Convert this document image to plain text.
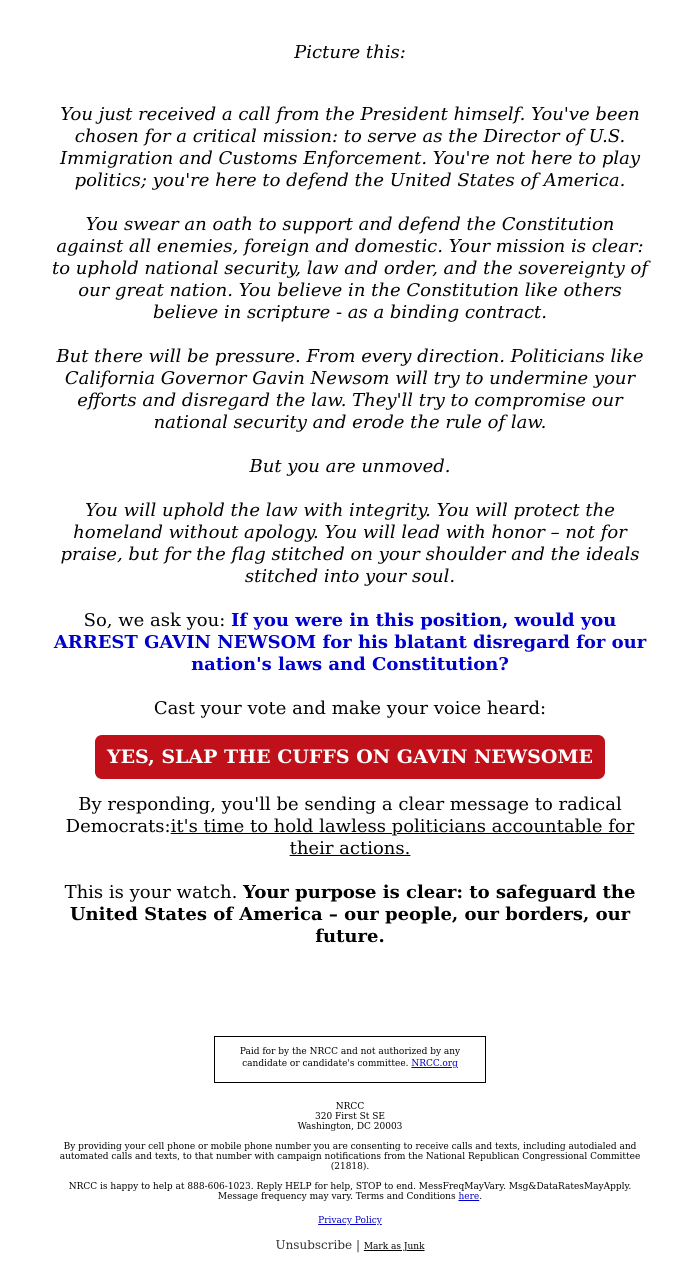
Picture this:

You just received a call from the President himself. You've been chosen for a critical mission: to serve as the Director of U.S. Immigration and Customs Enforcement. You're not here to play politics; you're here to defend the United States of America.

You swear an oath to support and defend the Constitution against all enemies, foreign and domestic. Your mission is clear: to uphold national security, law and order, and the sovereignty of our great nation. You believe in the Constitution like others believe in scripture - as a binding contract.

But there will be pressure. From every direction. Politicians like California Governor Gavin Newsom will try to undermine your efforts and disregard the law. They'll try to compromise our national security and erode the rule of law.

But you are unmoved.

You will uphold the law with integrity. You will protect the homeland without apology. You will lead with honor – not for praise, but for the flag stitched on your shoulder and the ideals stitched into your soul.

So, we ask you: If you were in this position, would you ARREST GAVIN NEWSOM for his blatant disregard for our nation's laws and Constitution?

Cast your vote and make your voice heard:

YES, SLAP THE CUFFS ON GAVIN NEWSOME

By responding, you'll be sending a clear message to radical Democrats:it's time to hold lawless politicians accountable for their actions.

This is your watch. Your purpose is clear: to safeguard the United States of America – our people, our borders, our future.

Paid for by the NRCC and not authorized by any candidate or candidate's committee. NRCC.org
NRCC
320 First St SE
Washington, DC 20003
By providing your cell phone or mobile phone number you are consenting to receive calls and texts, including autodialed and automated calls and texts, to that number with campaign notifications from the National Republican Congressional Committee (21818).
NRCC is happy to help at 888-606-1023. Reply HELP for help, STOP to end. MessFreqMayVary. Msg&DataRatesMayApply. Message frequency may vary. Terms and Conditions here.
Privacy Policy
Unsubscribe | Mark as Junk
